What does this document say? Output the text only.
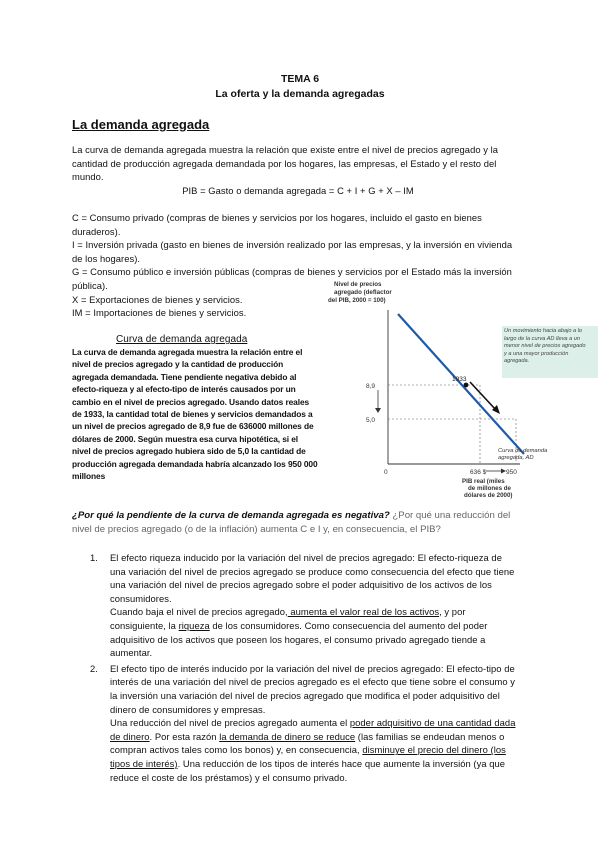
TEMA 6
La oferta y la demanda agregadas
La demanda agregada
La curva de demanda agregada muestra la relación que existe entre el nivel de precios agregado y la cantidad de producción agregada demandada por los hogares, las empresas, el Estado y el resto del mundo.
PIB = Gasto o demanda agregada = C + I + G + X – IM
C = Consumo privado (compras de bienes y servicios por los hogares, incluido el gasto en bienes duraderos).
I = Inversión privada (gasto en bienes de inversión realizado por las empresas, y la inversión en vivienda de los hogares).
G = Consumo público e inversión públicas (compras de bienes y servicios por el Estado más la inversión pública).
X = Exportaciones de bienes y servicios.
IM = Importaciones de bienes y servicios.
Curva de demanda agregada
La curva de demanda agregada muestra la relación entre el nivel de precios agregado y la cantidad de producción agregada demandada. Tiene pendiente negativa debido al efecto-riqueza y al efecto-tipo de interés causados por un cambio en el nivel de precios agregado. Usando datos reales de 1933, la cantidad total de bienes y servicios demandados a un nivel de precios agregado de 8,9 fue de 636000 millones de dólares de 2000. Según muestra esa curva hipotética, si el nivel de precios agregado hubiera sido de 5,0 la cantidad de producción agregada demandada habría alcanzado los 950 000 millones
Nivel de precios
agregado (deflactor
del PIB, 2000 = 100)
1933
8,9
5,0
0	636 $	950
PIB real (miles
de millones de
dólares de 2000)
Curva de demanda
agregada, AD
Un movimiento hacia abajo a lo largo de la curva AD lleva a un menor nivel de precios agregado y a una mayor producción agregada.
¿Por qué la pendiente de la curva de demanda agregada es negativa? ¿Por qué una reducción del nivel de precios agregado (o de la inflación) aumenta C e I y, en consecuencia, el PIB?
1. El efecto riqueza inducido por la variación del nivel de precios agregado: El efecto-riqueza de una variación del nivel de precios agregado se produce como consecuencia del efecto que tiene una variación del nivel de precios agregado sobre el poder adquisitivo de los activos de los consumidores.
Cuando baja el nivel de precios agregado, aumenta el valor real de los activos, y por consiguiente, la riqueza de los consumidores. Como consecuencia del aumento del poder adquisitivo de los activos que poseen los hogares, el consumo privado agregado tiende a aumentar.
2. El efecto tipo de interés inducido por la variación del nivel de precios agregado: El efecto-tipo de interés de una variación del nivel de precios agregado es el efecto que tiene sobre el consumo y la inversión una variación del nivel de precios agregado que modifica el poder adquisitivo del dinero de consumidores y empresas.
Una reducción del nivel de precios agregado aumenta el poder adquisitivo de una cantidad dada de dinero. Por esta razón la demanda de dinero se reduce (las familias se endeudan menos o compran activos tales como los bonos) y, en consecuencia, disminuye el precio del dinero (los tipos de interés). Una reducción de los tipos de interés hace que aumente la inversión (ya que reduce el coste de los préstamos) y el consumo privado.
